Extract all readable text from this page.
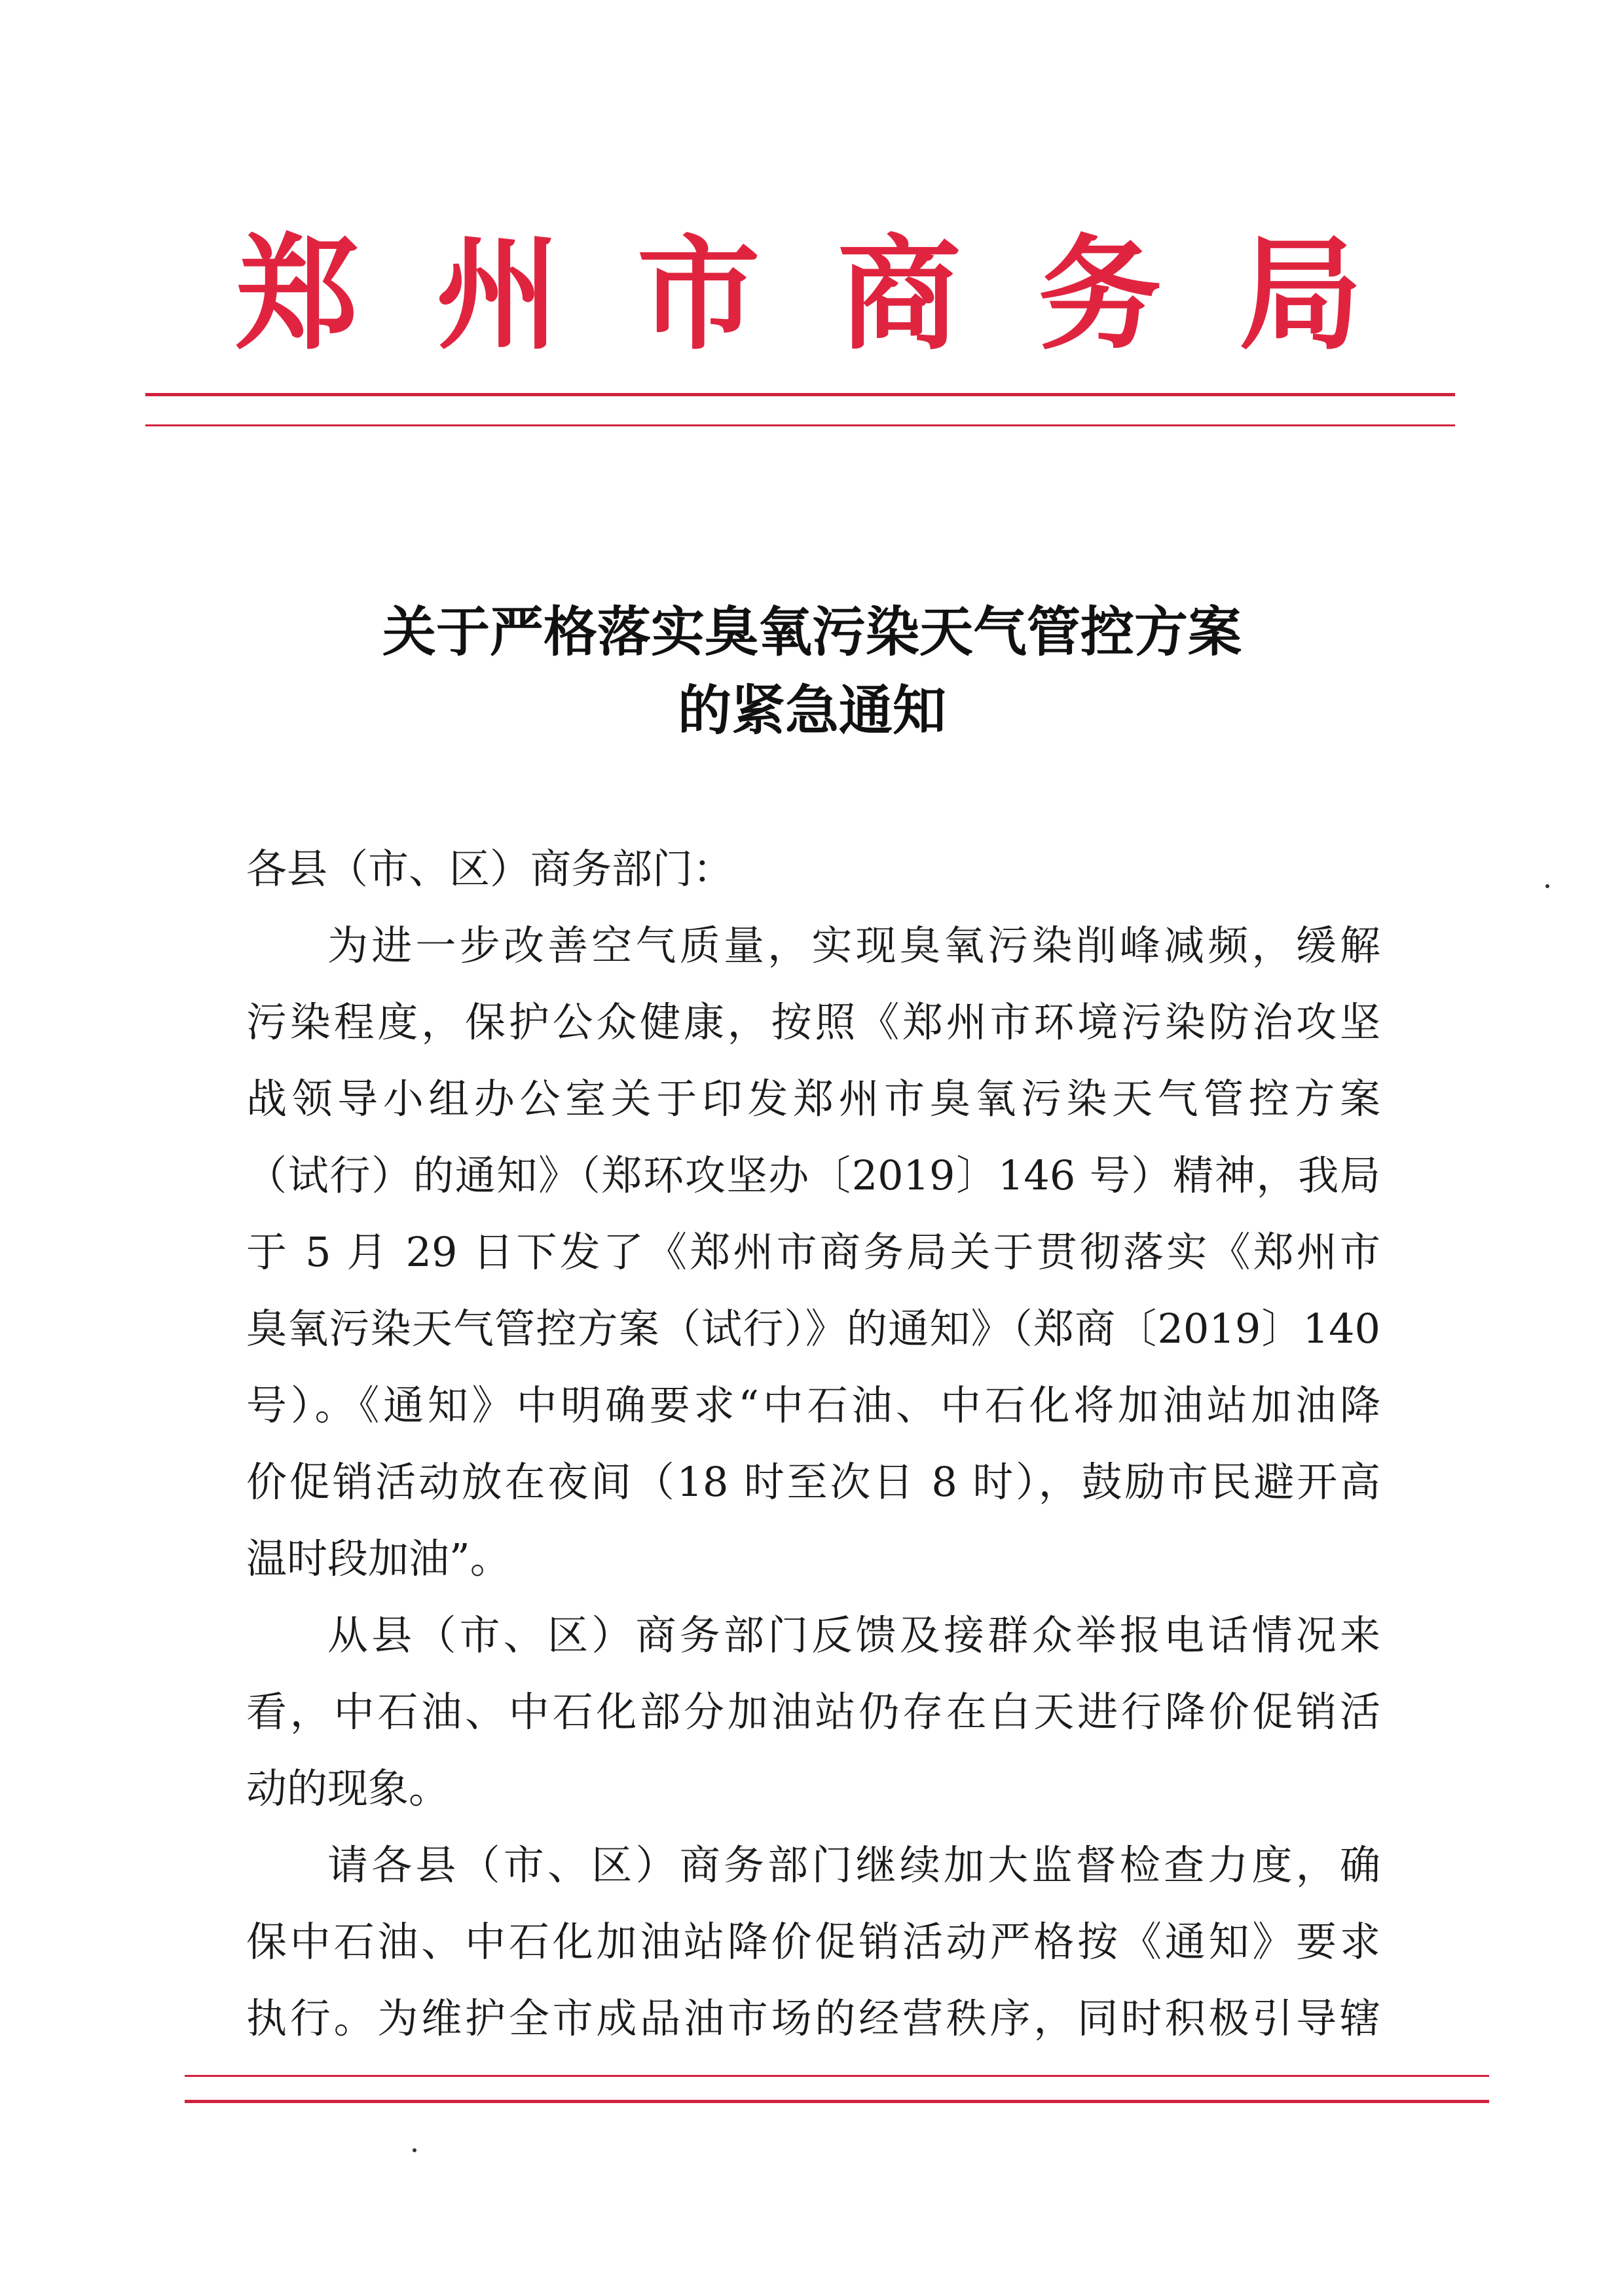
郑 州 市 商 务 局
关于严格落实臭氧污染天气管控方案
的紧急通知
各县（市、区）商务部门：
为进一步改善空气质量，实现臭氧污染削峰减频，缓解
污染程度，保护公众健康，按照《郑州市环境污染防治攻坚
战领导小组办公室关于印发郑州市臭氧污染天气管控方案
（试行）的通知》（郑环攻坚办〔2019〕146 号）精神，我局
于 5 月 29 日下发了《郑州市商务局关于贯彻落实《郑州市
臭氧污染天气管控方案（试行）》的通知》（郑商〔2019〕140
号）。《通知》中明确要求“中石油、中石化将加油站加油降
价促销活动放在夜间（18 时至次日 8 时），鼓励市民避开高
温时段加油”。
从县（市、区）商务部门反馈及接群众举报电话情况来
看，中石油、中石化部分加油站仍存在白天进行降价促销活
动的现象。
请各县（市、区）商务部门继续加大监督检查力度，确
保中石油、中石化加油站降价促销活动严格按《通知》要求
执行。为维护全市成品油市场的经营秩序，同时积极引导辖
